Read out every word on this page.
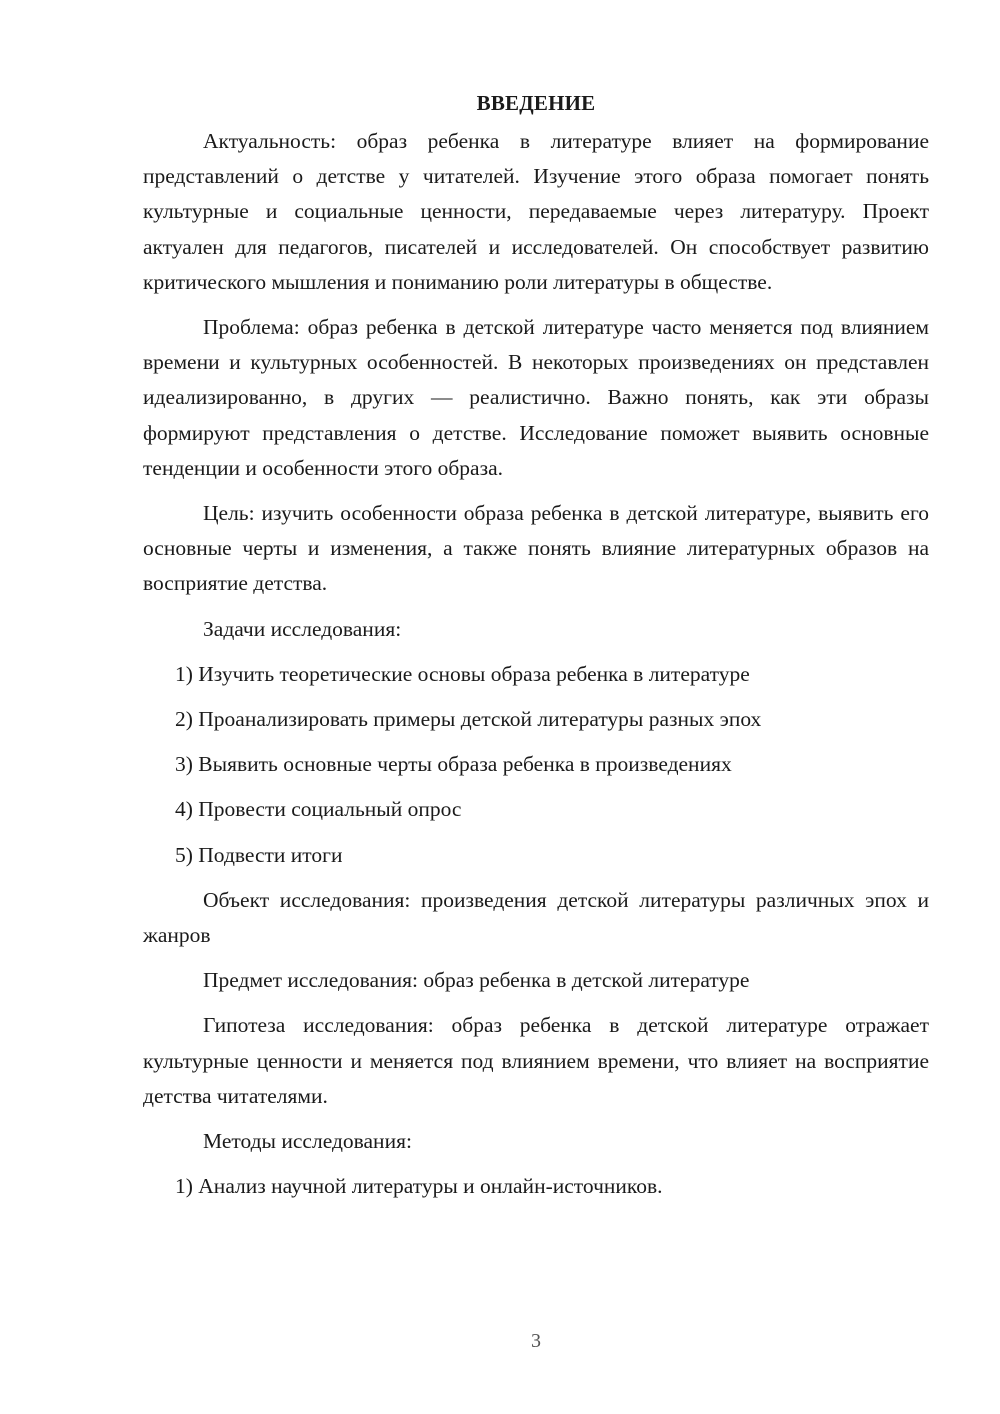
ВВЕДЕНИЕ

Актуальность: образ ребенка в литературе влияет на формирование представлений о детстве у читателей. Изучение этого образа помогает понять культурные и социальные ценности, передаваемые через литературу. Проект актуален для педагогов, писателей и исследователей. Он способствует развитию критического мышления и пониманию роли литературы в обществе.

Проблема: образ ребенка в детской литературе часто меняется под влиянием времени и культурных особенностей. В некоторых произведениях он представлен идеализированно, в других — реалистично. Важно понять, как эти образы формируют представления о детстве. Исследование поможет выявить основные тенденции и особенности этого образа.

Цель: изучить особенности образа ребенка в детской литературе, выявить его основные черты и изменения, а также понять влияние литературных образов на восприятие детства.

Задачи исследования:

1) Изучить теоретические основы образа ребенка в литературе

2) Проанализировать примеры детской литературы разных эпох

3) Выявить основные черты образа ребенка в произведениях

4) Провести социальный опрос

5) Подвести итоги

Объект исследования: произведения детской литературы различных эпох и жанров

Предмет исследования: образ ребенка в детской литературе

Гипотеза исследования: образ ребенка в детской литературе отражает культурные ценности и меняется под влиянием времени, что влияет на восприятие детства читателями.

Методы исследования:

1) Анализ научной литературы и онлайн-источников.

3
